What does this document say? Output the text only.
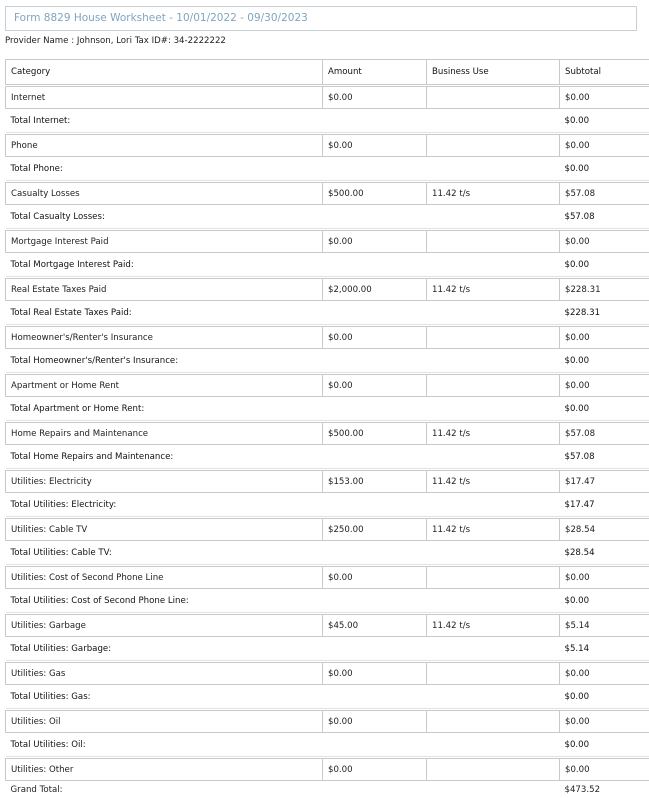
Form 8829 House Worksheet - 10/01/2022 - 09/30/2023
Provider Name : Johnson, Lori Tax ID#: 34-2222222
Category	Amount	Business Use	Subtotal

Internet	$0.00		$0.00
Total Internet:			$0.00

Phone	$0.00		$0.00
Total Phone:			$0.00

Casualty Losses	$500.00	11.42 t/s	$57.08
Total Casualty Losses:			$57.08

Mortgage Interest Paid	$0.00		$0.00
Total Mortgage Interest Paid:			$0.00

Real Estate Taxes Paid	$2,000.00	11.42 t/s	$228.31
Total Real Estate Taxes Paid:			$228.31

Homeowner's/Renter's Insurance	$0.00		$0.00
Total Homeowner's/Renter's Insurance:			$0.00

Apartment or Home Rent	$0.00		$0.00
Total Apartment or Home Rent:			$0.00

Home Repairs and Maintenance	$500.00	11.42 t/s	$57.08
Total Home Repairs and Maintenance:			$57.08

Utilities: Electricity	$153.00	11.42 t/s	$17.47
Total Utilities: Electricity:			$17.47

Utilities: Cable TV	$250.00	11.42 t/s	$28.54
Total Utilities: Cable TV:			$28.54

Utilities: Cost of Second Phone Line	$0.00		$0.00
Total Utilities: Cost of Second Phone Line:			$0.00

Utilities: Garbage	$45.00	11.42 t/s	$5.14
Total Utilities: Garbage:			$5.14

Utilities: Gas	$0.00		$0.00
Total Utilities: Gas:			$0.00

Utilities: Oil	$0.00		$0.00
Total Utilities: Oil:			$0.00

Utilities: Other	$0.00		$0.00

Grand Total:			$473.52
